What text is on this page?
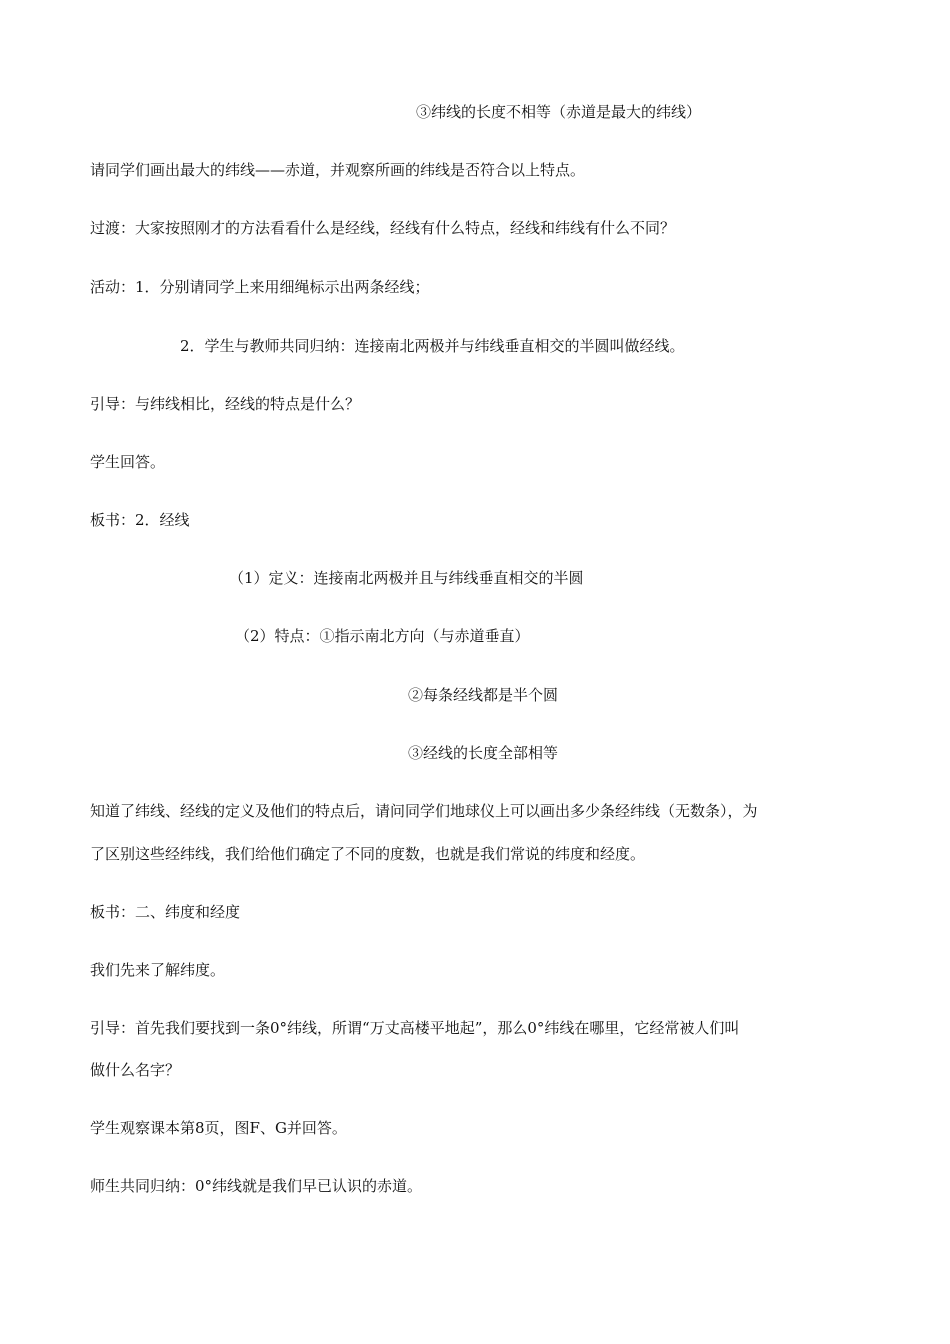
③纬线的长度不相等（赤道是最大的纬线）
请同学们画出最大的纬线——赤道，并观察所画的纬线是否符合以上特点。
过渡：大家按照刚才的方法看看什么是经线，经线有什么特点，经线和纬线有什么不同？
活动：1．分别请同学上来用细绳标示出两条经线；
2．学生与教师共同归纳：连接南北两极并与纬线垂直相交的半圆叫做经线。
引导：与纬线相比，经线的特点是什么？
学生回答。
板书：2．经线
（1）定义：连接南北两极并且与纬线垂直相交的半圆
（2）特点：①指示南北方向（与赤道垂直）
②每条经线都是半个圆
③经线的长度全部相等
知道了纬线、经线的定义及他们的特点后，请问同学们地球仪上可以画出多少条经纬线（无数条），为
了区别这些经纬线，我们给他们确定了不同的度数，也就是我们常说的纬度和经度。
板书：二、纬度和经度
我们先来了解纬度。
引导：首先我们要找到一条0°纬线，所谓“万丈高楼平地起”，那么0°纬线在哪里，它经常被人们叫
做什么名字？
学生观察课本第8页，图F、G并回答。
师生共同归纳：0°纬线就是我们早已认识的赤道。
